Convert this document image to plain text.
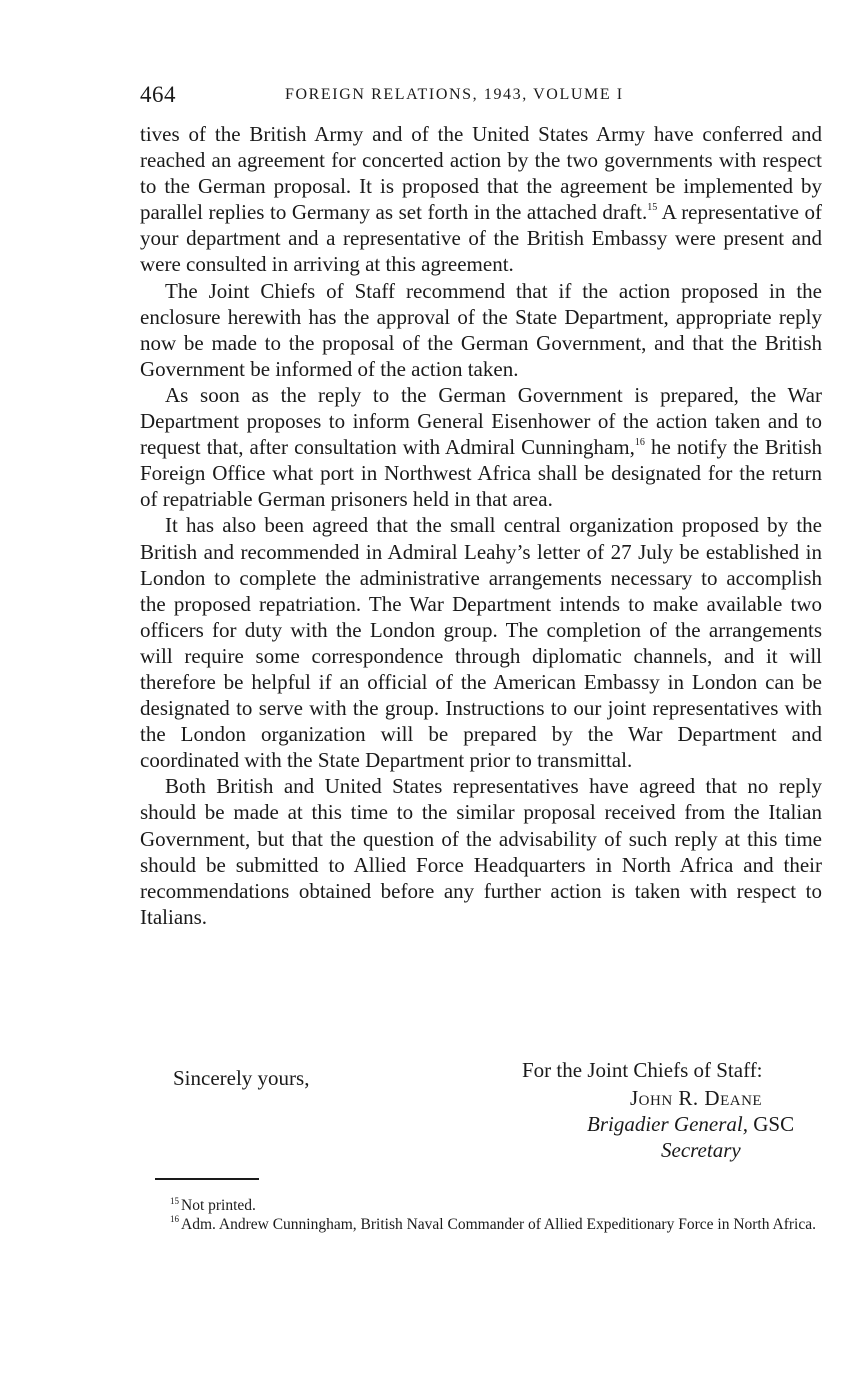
464	FOREIGN RELATIONS, 1943, VOLUME I

tives of the British Army and of the United States Army have conferred and reached an agreement for concerted action by the two governments with respect to the German proposal. It is proposed that the agreement be implemented by parallel replies to Germany as set forth in the attached draft.$^{15}$ A representative of your department and a representative of the British Embassy were present and were consulted in arriving at this agreement.

The Joint Chiefs of Staff recommend that if the action proposed in the enclosure herewith has the approval of the State Department, appropriate reply now be made to the proposal of the German Government, and that the British Government be informed of the action taken.

As soon as the reply to the German Government is prepared, the War Department proposes to inform General Eisenhower of the action taken and to request that, after consultation with Admiral Cunningham,$^{16}$ he notify the British Foreign Office what port in Northwest Africa shall be designated for the return of repatriable German prisoners held in that area.

It has also been agreed that the small central organization proposed by the British and recommended in Admiral Leahy’s letter of 27 July be established in London to complete the administrative arrangements necessary to accomplish the proposed repatriation. The War Department intends to make available two officers for duty with the London group. The completion of the arrangements will require some correspondence through diplomatic channels, and it will therefore be helpful if an official of the American Embassy in London can be designated to serve with the group. Instructions to our joint representatives with the London organization will be prepared by the War Department and coordinated with the State Department prior to transmittal.

Both British and United States representatives have agreed that no reply should be made at this time to the similar proposal received from the Italian Government, but that the question of the advisability of such reply at this time should be submitted to Allied Force Headquarters in North Africa and their recommendations obtained before any further action is taken with respect to Italians.

Sincerely yours,	For the Joint Chiefs of Staff:
John R. Deane
Brigadier General, GSC
Secretary

$^{15}$ Not printed.

$^{16}$ Adm. Andrew Cunningham, British Naval Commander of Allied Expeditionary Force in North Africa.
